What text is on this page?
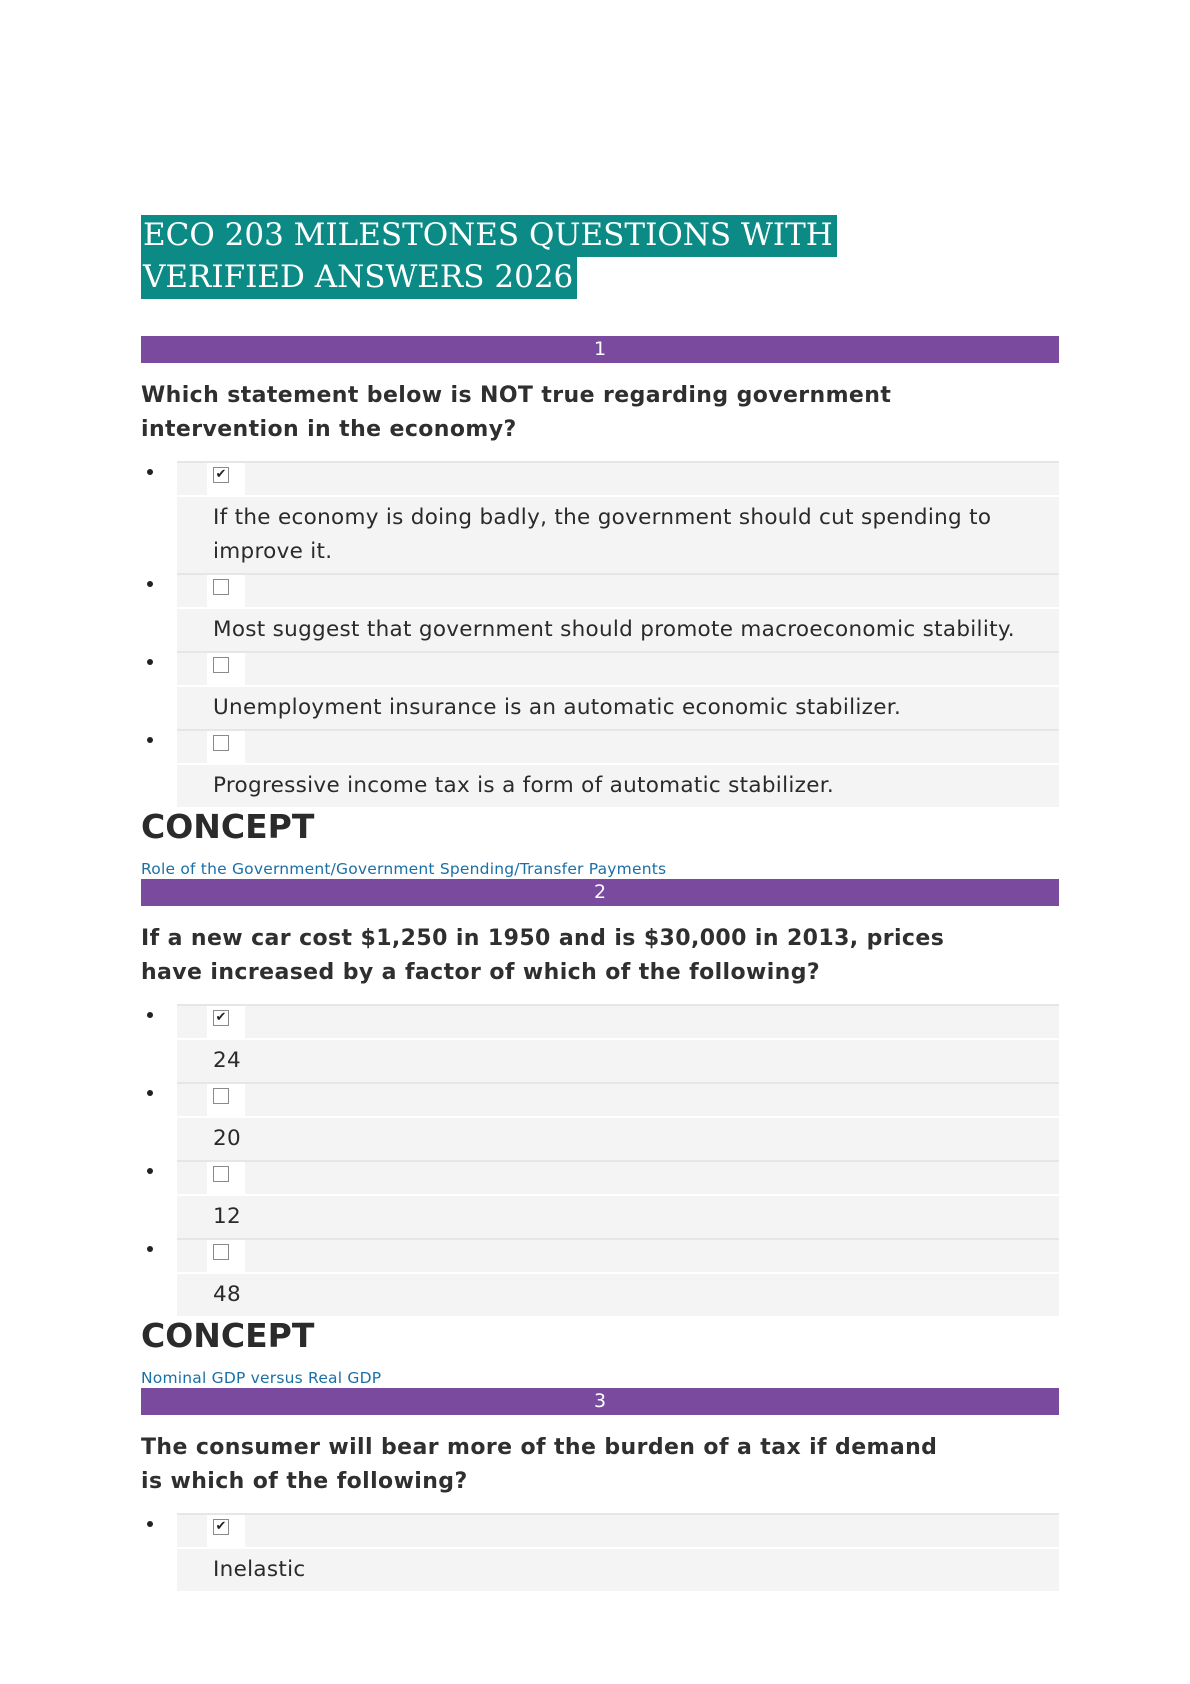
ECO 203 MILESTONES QUESTIONS WITH VERIFIED ANSWERS 2026
1
Which statement below is NOT true regarding government intervention in the economy?
✔
If the economy is doing badly, the government should cut spending to improve it.
Most suggest that government should promote macroeconomic stability.
Unemployment insurance is an automatic economic stabilizer.
Progressive income tax is a form of automatic stabilizer.
CONCEPT
Role of the Government/Government Spending/Transfer Payments
2
If a new car cost $1,250 in 1950 and is $30,000 in 2013, prices have increased by a factor of which of the following?
✔
24
20
12
48
CONCEPT
Nominal GDP versus Real GDP
3
The consumer will bear more of the burden of a tax if demand is which of the following?
✔
Inelastic
